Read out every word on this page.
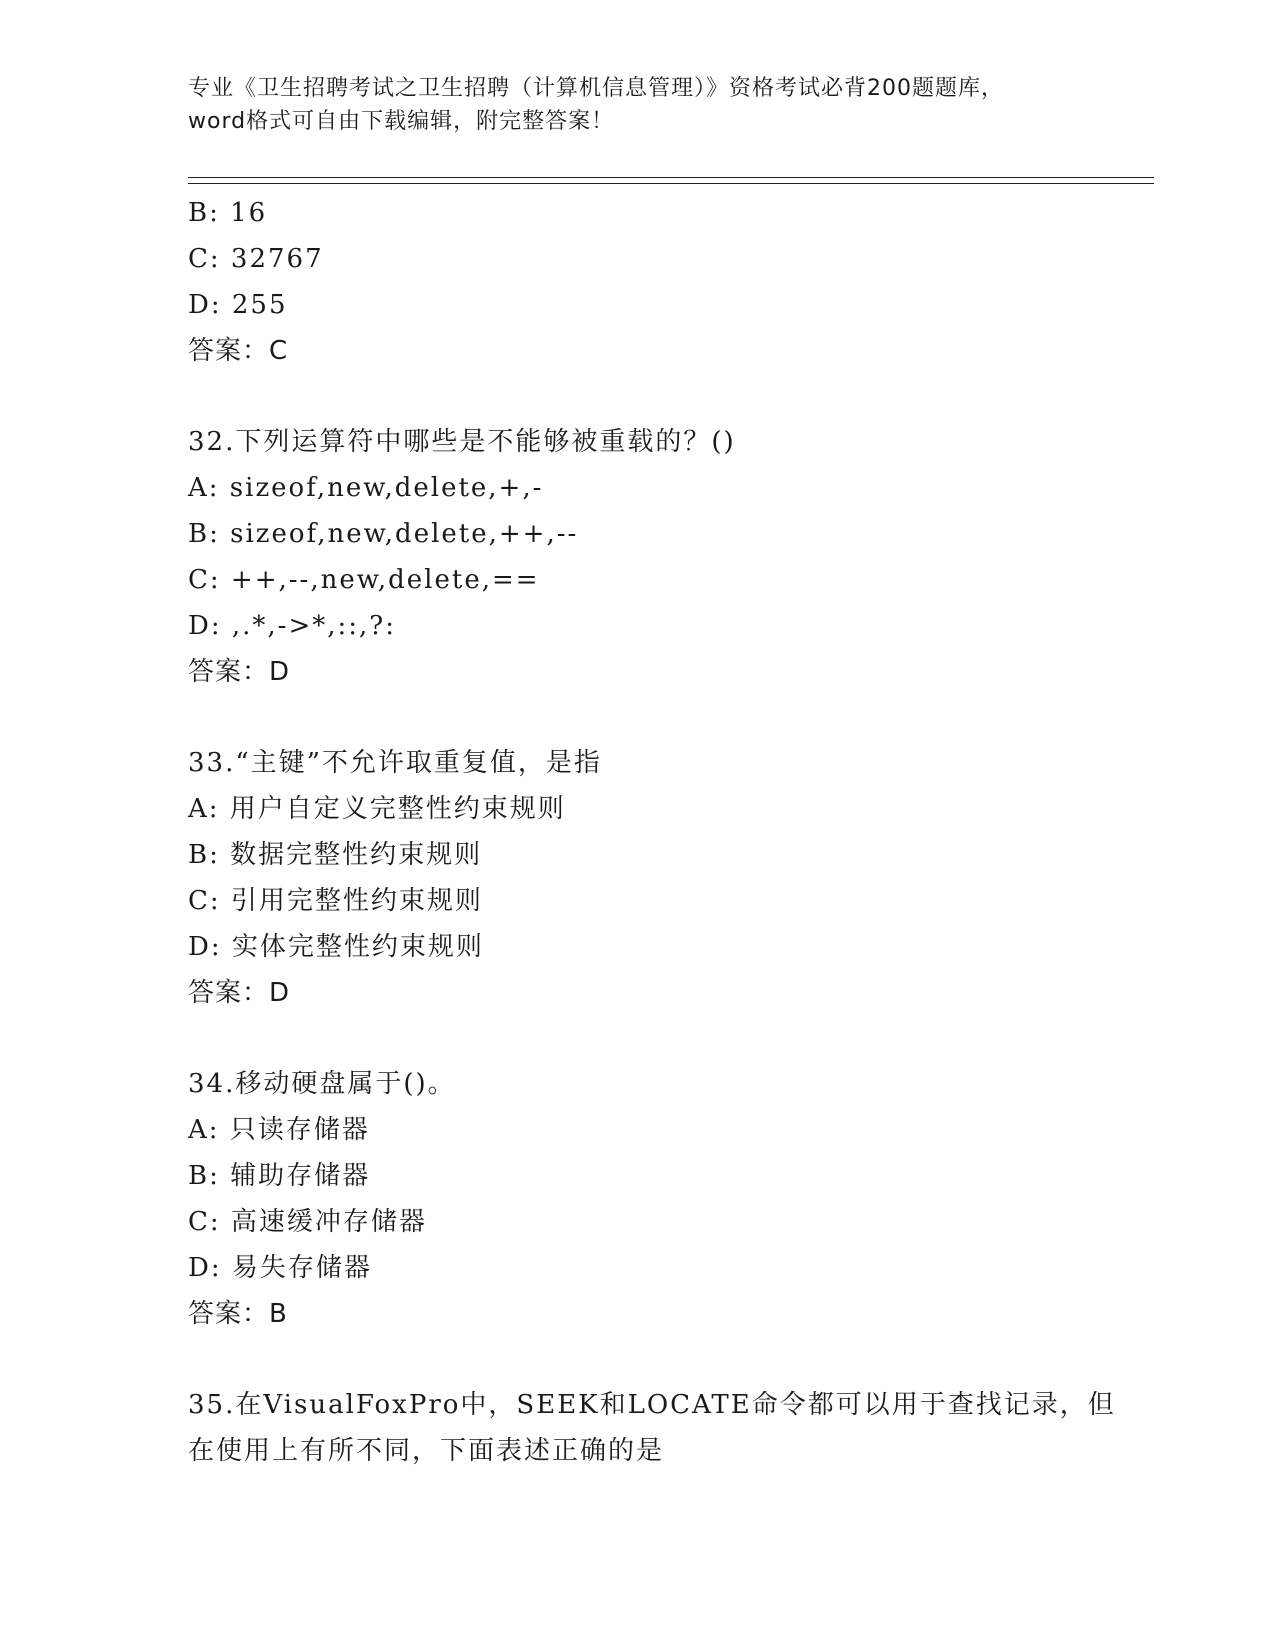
专业《卫生招聘考试之卫生招聘（计算机信息管理）》资格考试必背200题题库，
word格式可自由下载编辑，附完整答案！
B: 16
C: 32767
D: 255
答案：C
32.下列运算符中哪些是不能够被重载的？()
A: sizeof,new,delete,+,-
B: sizeof,new,delete,++,--
C: ++,--,new,delete,==
D: ,.*,->*,::,?:
答案：D
33.“主键”不允许取重复值，是指
A: 用户自定义完整性约束规则
B: 数据完整性约束规则
C: 引用完整性约束规则
D: 实体完整性约束规则
答案：D
34.移动硬盘属于()。
A: 只读存储器
B: 辅助存储器
C: 高速缓冲存储器
D: 易失存储器
答案：B
35.在VisualFoxPro中，SEEK和LOCATE命令都可以用于查找记录，但
在使用上有所不同，下面表述正确的是
